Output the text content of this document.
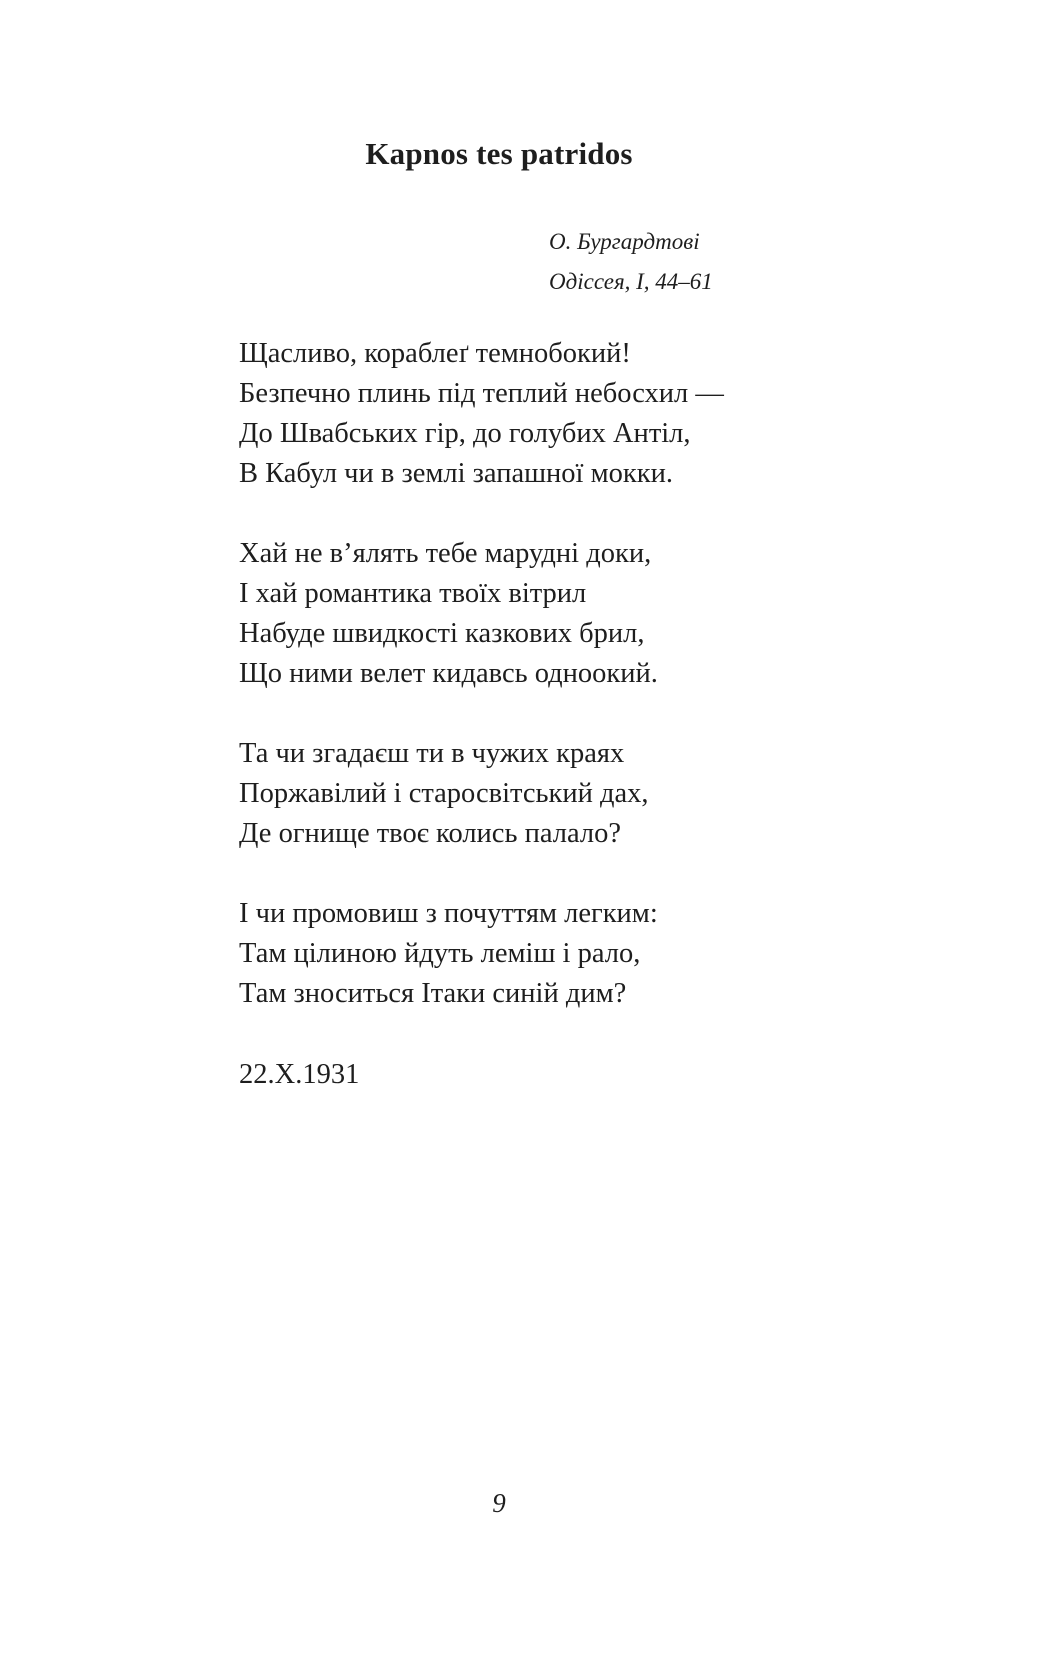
Kapnos tes patridos
О. Бургардтові
Одіссея, I, 44–61
Щасливо, кораблеґ темнобокий!
Безпечно плинь під теплий небосхил —
До Швабських гір, до голубих Антіл,
В Кабул чи в землі запашної мокки.
Хай не в’ялять тебе марудні доки,
І хай романтика твоїх вітрил
Набуде швидкості казкових брил,
Що ними велет кидавсь одноокий.
Та чи згадаєш ти в чужих краях
Поржавілий і старосвітський дах,
Де огнище твоє колись палало?
І чи промовиш з почуттям легким:
Там цілиною йдуть леміш і рало,
Там зноситься Ітаки синій дим?
22.X.1931
9
